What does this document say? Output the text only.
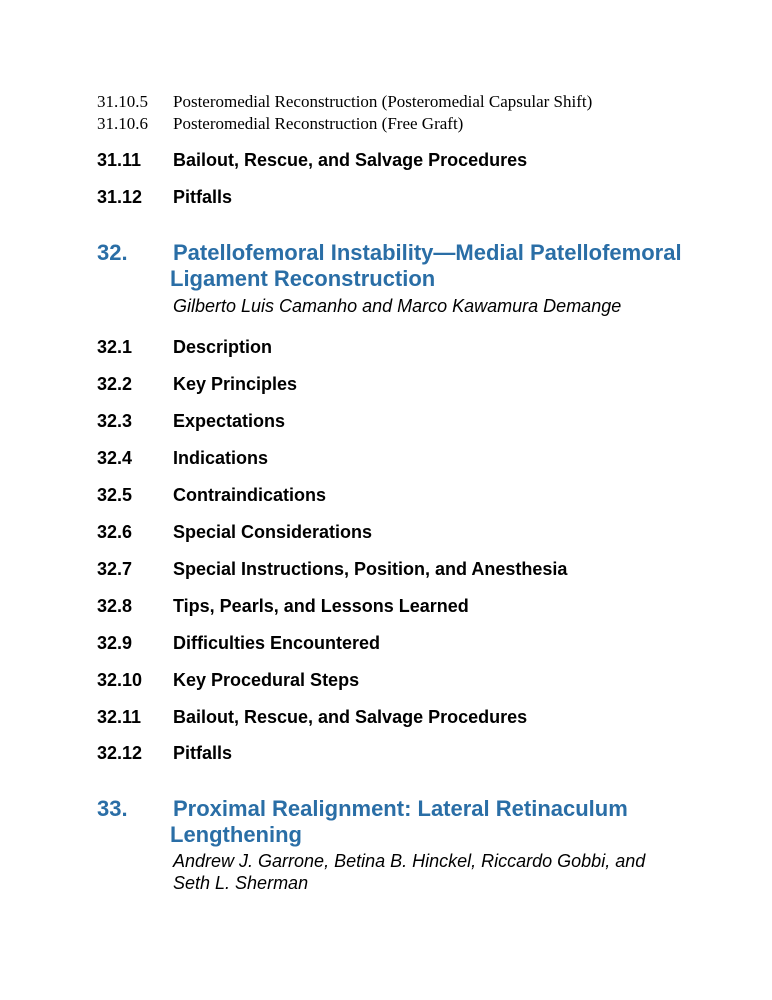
31.10.5 Posteromedial Reconstruction (Posteromedial Capsular Shift)
31.10.6 Posteromedial Reconstruction (Free Graft)
31.11 Bailout, Rescue, and Salvage Procedures
31.12 Pitfalls
32. Patellofemoral Instability—Medial Patellofemoral
Ligament Reconstruction
Gilberto Luis Camanho and Marco Kawamura Demange
32.1 Description
32.2 Key Principles
32.3 Expectations
32.4 Indications
32.5 Contraindications
32.6 Special Considerations
32.7 Special Instructions, Position, and Anesthesia
32.8 Tips, Pearls, and Lessons Learned
32.9 Difficulties Encountered
32.10 Key Procedural Steps
32.11 Bailout, Rescue, and Salvage Procedures
32.12 Pitfalls
33. Proximal Realignment: Lateral Retinaculum
Lengthening
Andrew J. Garrone, Betina B. Hinckel, Riccardo Gobbi, and
Seth L. Sherman
